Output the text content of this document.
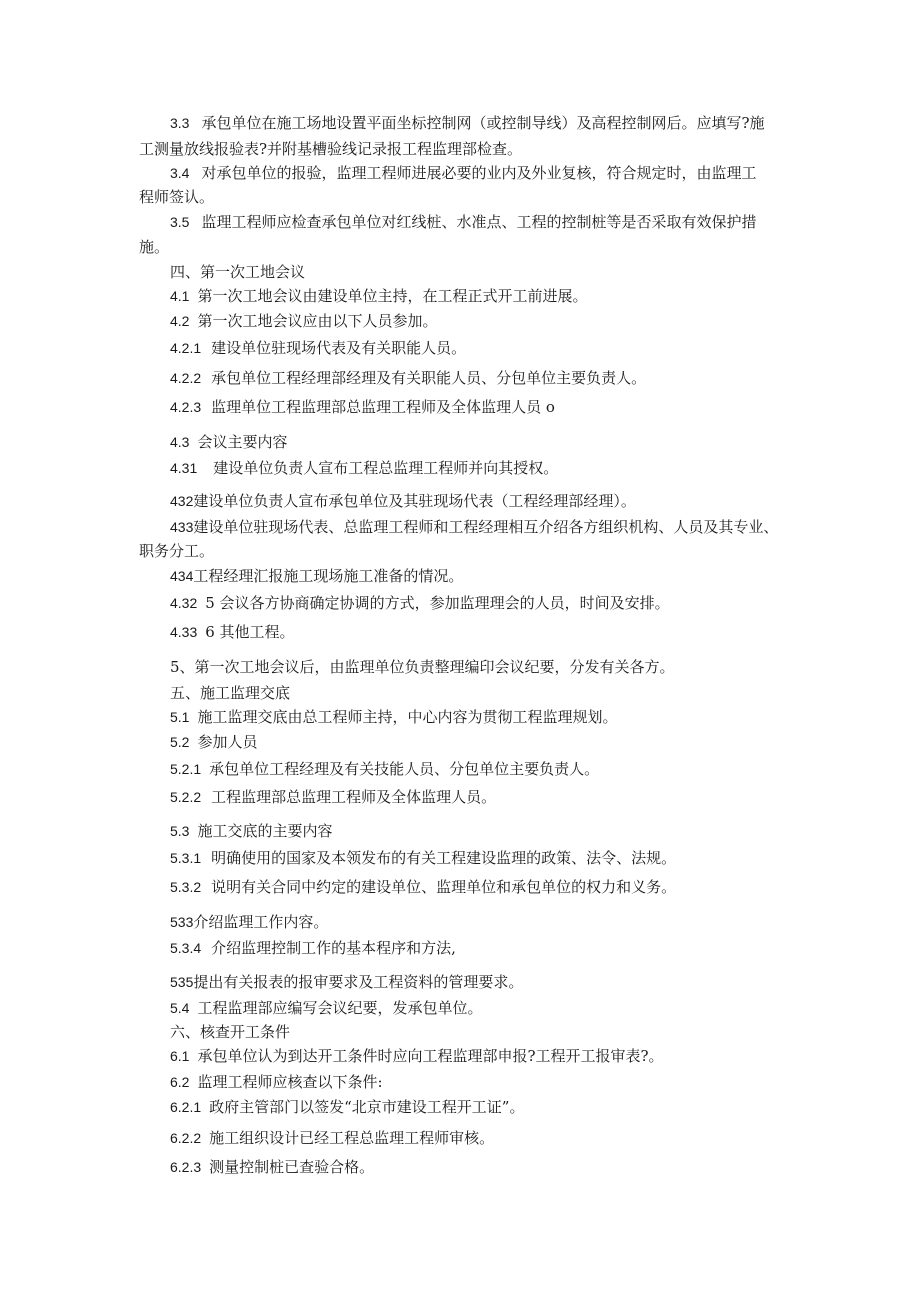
3.3 承包单位在施工场地设置平面坐标控制网（或控制导线）及高程控制网后。应填写?施
工测量放线报验表?并附基槽验线记录报工程监理部检查。
3.4 对承包单位的报验，监理工程师进展必要的业内及外业复核，符合规定时，由监理工
程师签认。
3.5 监理工程师应检查承包单位对红线桩、水准点、工程的控制桩等是否采取有效保护措
施。
四、第一次工地会议
4.1 第一次工地会议由建设单位主持，在工程正式开工前进展。
4.2 第一次工地会议应由以下人员参加。
4.2.1 建设单位驻现场代表及有关职能人员。
4.2.2 承包单位工程经理部经理及有关职能人员、分包单位主要负责人。
4.2.3 监理单位工程监理部总监理工程师及全体监理人员 o
4.3 会议主要内容
4.31 建设单位负责人宣布工程总监理工程师并向其授权。
432建设单位负责人宣布承包单位及其驻现场代表（工程经理部经理）。
433建设单位驻现场代表、总监理工程师和工程经理相互介绍各方组织机构、人员及其专业、
职务分工。
434工程经理汇报施工现场施工准备的情况。
4.32 5 会议各方协商确定协调的方式，参加监理理会的人员，时间及安排。
4.33 6 其他工程。
5、第一次工地会议后，由监理单位负责整理编印会议纪要，分发有关各方。
五、施工监理交底
5.1 施工监理交底由总工程师主持，中心内容为贯彻工程监理规划。
5.2 参加人员
5.2.1 承包单位工程经理及有关技能人员、分包单位主要负责人。
5.2.2 工程监理部总监理工程师及全体监理人员。
5.3 施工交底的主要内容
5.3.1 明确使用的国家及本领发布的有关工程建设监理的政策、法令、法规。
5.3.2 说明有关合同中约定的建设单位、监理单位和承包单位的权力和义务。
533介绍监理工作内容。
5.3.4 介绍监理控制工作的基本程序和方法,
535提出有关报表的报审要求及工程资料的管理要求。
5.4 工程监理部应编写会议纪要，发承包单位。
六、核查开工条件
6.1 承包单位认为到达开工条件时应向工程监理部申报?工程开工报审表?。
6.2 监理工程师应核查以下条件:
6.2.1 政府主管部门以签发“北京市建设工程开工证”。
6.2.2 施工组织设计已经工程总监理工程师审核。
6.2.3 测量控制桩已查验合格。
